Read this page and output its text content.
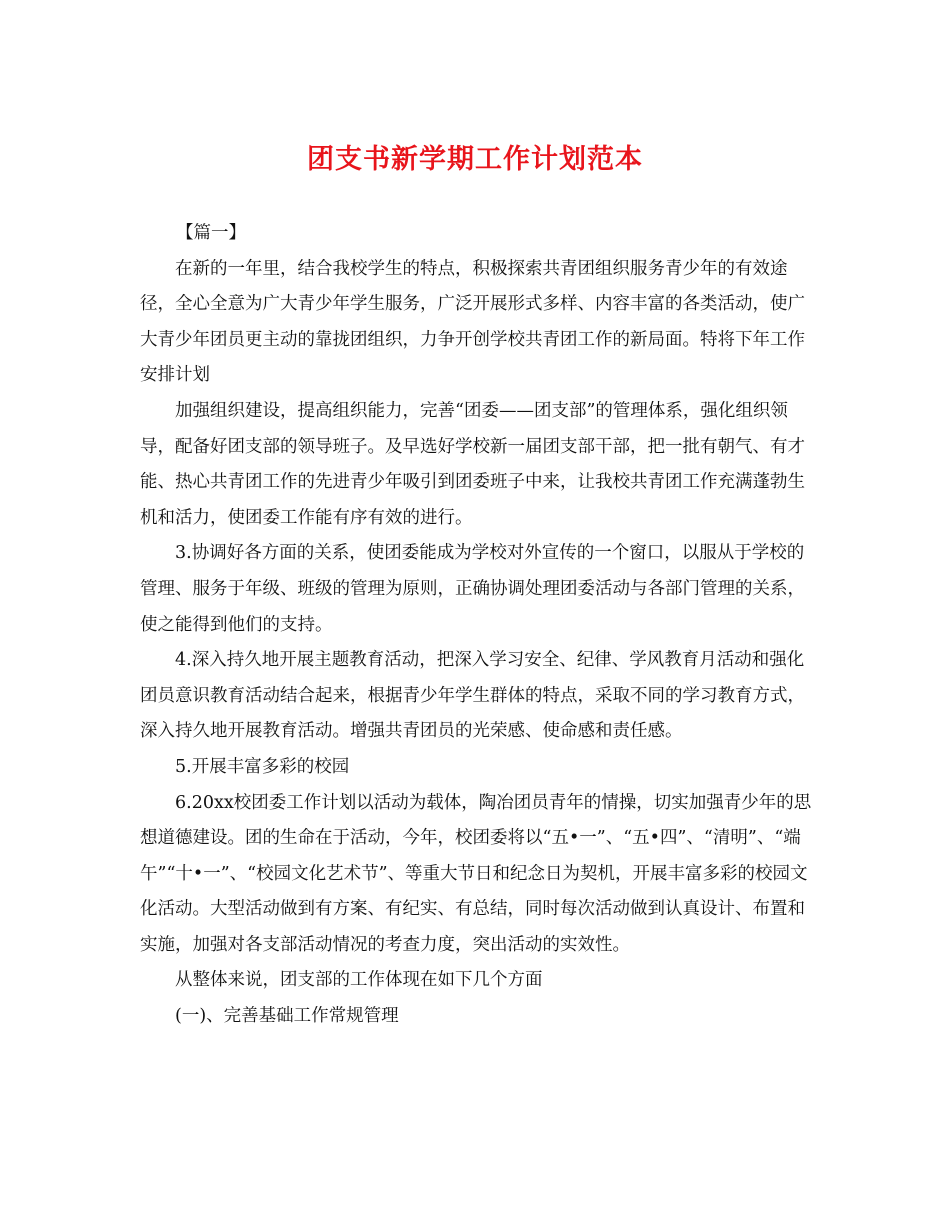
团支书新学期工作计划范本

【篇一】

在新的一年里，结合我校学生的特点，积极探索共青团组织服务青少年的有效途径，全心全意为广大青少年学生服务，广泛开展形式多样、内容丰富的各类活动，使广大青少年团员更主动的靠拢团组织，力争开创学校共青团工作的新局面。特将下年工作安排计划

加强组织建设，提高组织能力，完善“团委——团支部”的管理体系，强化组织领导，配备好团支部的领导班子。及早选好学校新一届团支部干部，把一批有朝气、有才能、热心共青团工作的先进青少年吸引到团委班子中来，让我校共青团工作充满蓬勃生机和活力，使团委工作能有序有效的进行。

3.协调好各方面的关系，使团委能成为学校对外宣传的一个窗口，以服从于学校的管理、服务于年级、班级的管理为原则，正确协调处理团委活动与各部门管理的关系，使之能得到他们的支持。

4.深入持久地开展主题教育活动，把深入学习安全、纪律、学风教育月活动和强化团员意识教育活动结合起来，根据青少年学生群体的特点，采取不同的学习教育方式，深入持久地开展教育活动。增强共青团员的光荣感、使命感和责任感。

5.开展丰富多彩的校园

6.20xx校团委工作计划以活动为载体，陶冶团员青年的情操，切实加强青少年的思想道德建设。团的生命在于活动，今年，校团委将以“五•一”、“五•四”、“清明”、“端午”“十•一”、“校园文化艺术节”、等重大节日和纪念日为契机，开展丰富多彩的校园文化活动。大型活动做到有方案、有纪实、有总结，同时每次活动做到认真设计、布置和实施，加强对各支部活动情况的考查力度，突出活动的实效性。

从整体来说，团支部的工作体现在如下几个方面

(一)、完善基础工作常规管理
